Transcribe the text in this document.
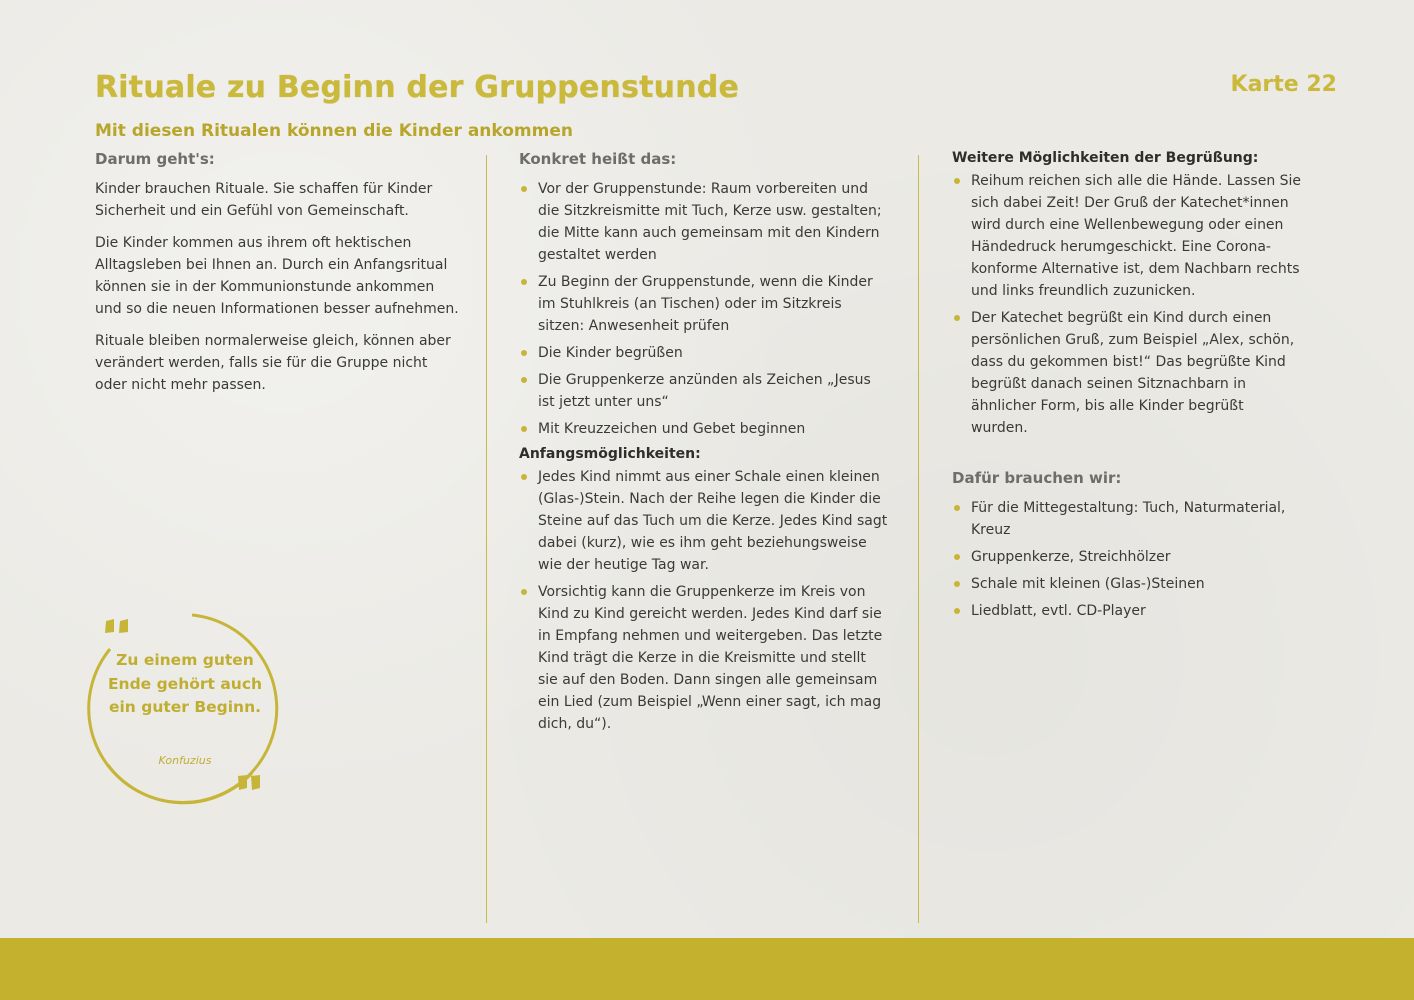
Rituale zu Beginn der Gruppenstunde	Karte 22
Mit diesen Ritualen können die Kinder ankommen
Darum geht's:

Kinder brauchen Rituale. Sie schaffen für Kinder Sicherheit und ein Gefühl von Gemeinschaft.

Die Kinder kommen aus ihrem oft hektischen Alltagsleben bei Ihnen an. Durch ein Anfangsritual können sie in der Kommunionstunde ankommen und so die neuen Informationen besser aufnehmen.

Rituale bleiben normalerweise gleich, können aber verändert werden, falls sie für die Gruppe nicht oder nicht mehr passen.

Zu einem guten Ende gehört auch ein guter Beginn.
Konfuzius
Konkret heißt das:
Vor der Gruppenstunde: Raum vorbereiten und die Sitzkreismitte mit Tuch, Kerze usw. gestalten; die Mitte kann auch gemeinsam mit den Kindern gestaltet werden
Zu Beginn der Gruppenstunde, wenn die Kinder im Stuhlkreis (an Tischen) oder im Sitzkreis sitzen: Anwesenheit prüfen
Die Kinder begrüßen
Die Gruppenkerze anzünden als Zeichen „Jesus ist jetzt unter uns“
Mit Kreuzzeichen und Gebet beginnen
Anfangsmöglichkeiten:
Jedes Kind nimmt aus einer Schale einen kleinen (Glas-)Stein. Nach der Reihe legen die Kinder die Steine auf das Tuch um die Kerze. Jedes Kind sagt dabei (kurz), wie es ihm geht beziehungsweise wie der heutige Tag war.
Vorsichtig kann die Gruppenkerze im Kreis von Kind zu Kind gereicht werden. Jedes Kind darf sie in Empfang nehmen und weitergeben. Das letzte Kind trägt die Kerze in die Kreismitte und stellt sie auf den Boden. Dann singen alle gemeinsam ein Lied (zum Beispiel „Wenn einer sagt, ich mag dich, du“).
Weitere Möglichkeiten der Begrüßung:
Reihum reichen sich alle die Hände. Lassen Sie sich dabei Zeit! Der Gruß der Katechet*innen wird durch eine Wellenbewegung oder einen Händedruck herumgeschickt. Eine Corona-konforme Alternative ist, dem Nachbarn rechts und links freundlich zuzunicken.
Der Katechet begrüßt ein Kind durch einen persönlichen Gruß, zum Beispiel „Alex, schön, dass du gekommen bist!“ Das begrüßte Kind begrüßt danach seinen Sitznachbarn in ähnlicher Form, bis alle Kinder begrüßt wurden.
Dafür brauchen wir:
Für die Mittegestaltung: Tuch, Naturmaterial, Kreuz
Gruppenkerze, Streichhölzer
Schale mit kleinen (Glas-)Steinen
Liedblatt, evtl. CD-Player
